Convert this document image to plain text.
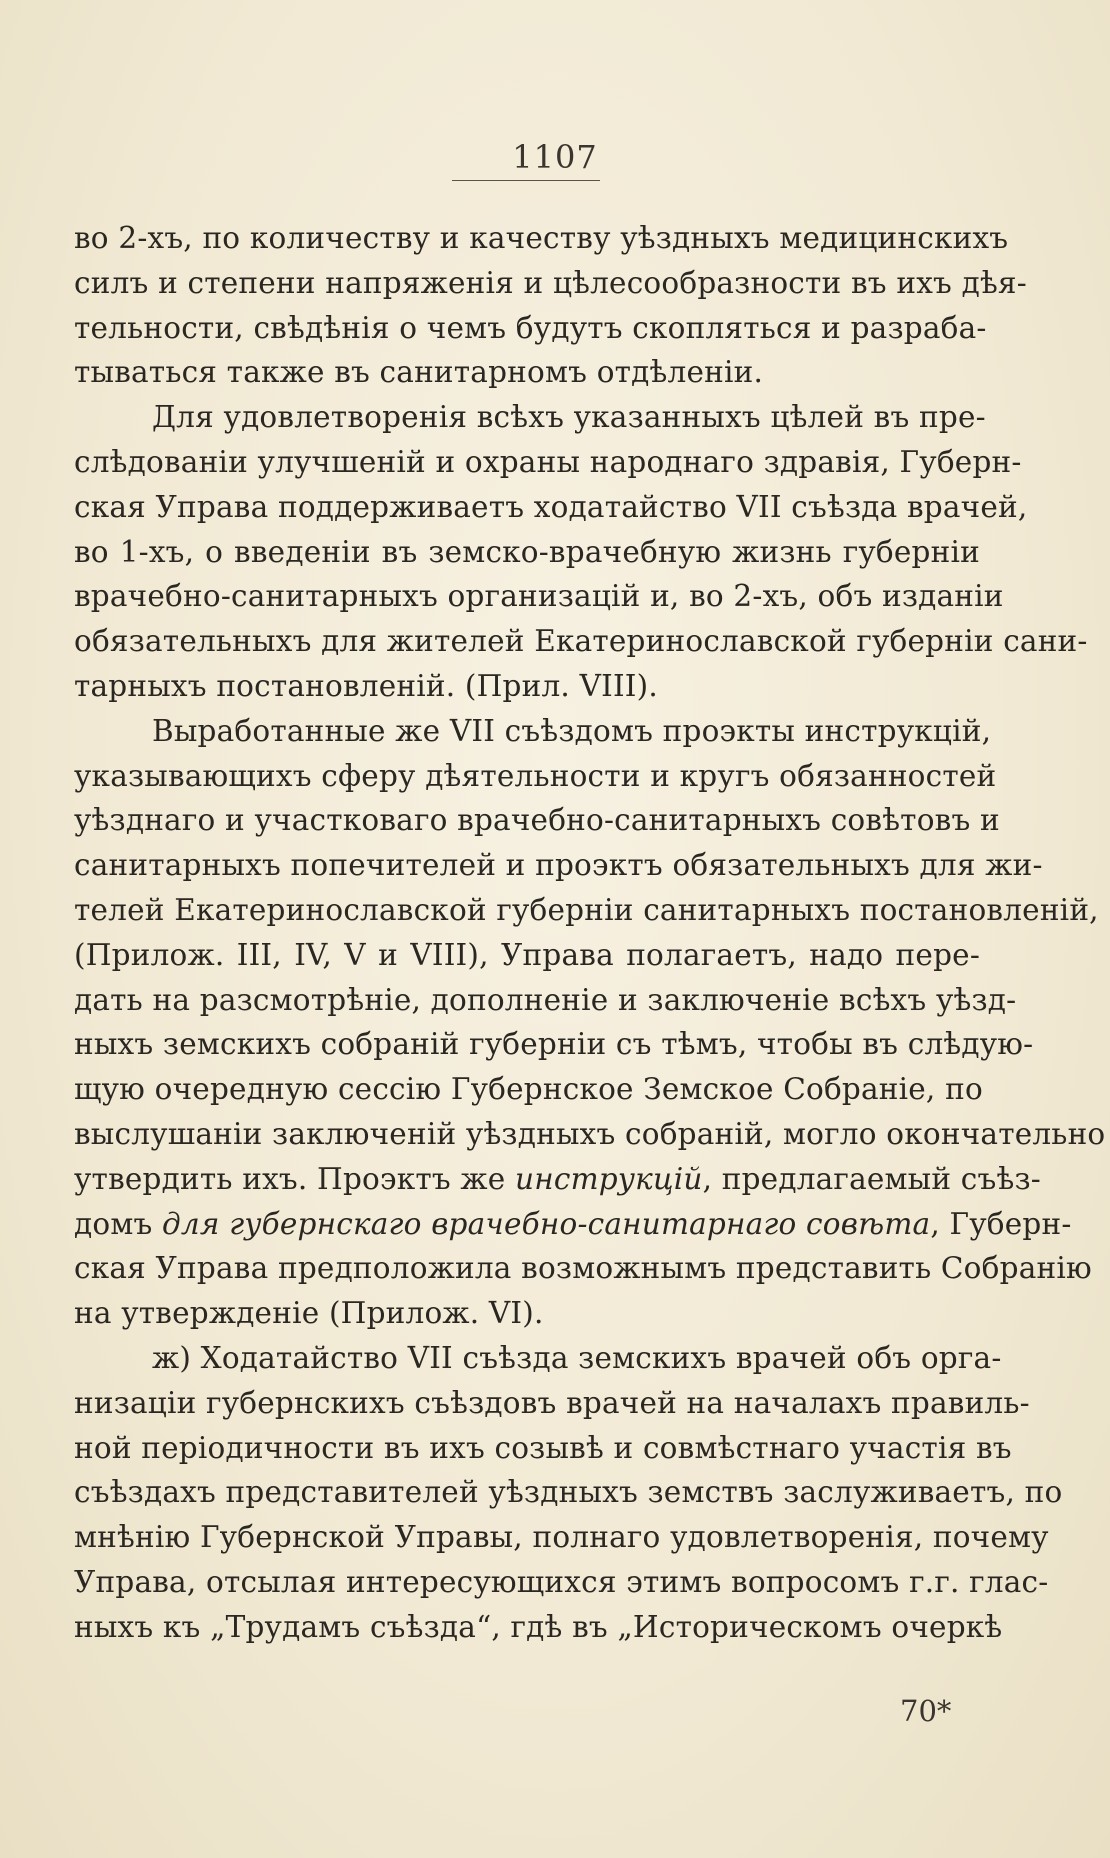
1107
во 2-хъ, по количеству и качеству уѣздныхъ медицинскихъ
силъ и степени напряженія и цѣлесообразности въ ихъ дѣя-
тельности, свѣдѣнія о чемъ будутъ скопляться и разраба-
тываться также въ санитарномъ отдѣленіи.
Для удовлетворенія всѣхъ указанныхъ цѣлей въ пре-
слѣдованіи улучшеній и охраны народнаго здравія, Губерн-
ская Управа поддерживаетъ ходатайство VII съѣзда врачей,
во 1-хъ, о введеніи въ земско-врачебную жизнь губерніи
врачебно-санитарныхъ организацій и, во 2-хъ, объ изданіи
обязательныхъ для жителей Екатеринославской губерніи сани-
тарныхъ постановленій. (Прил. VIII).
Выработанные же VII съѣздомъ проэкты инструкцій,
указывающихъ сферу дѣятельности и кругъ обязанностей
уѣзднаго и участковаго врачебно-санитарныхъ совѣтовъ и
санитарныхъ попечителей и проэктъ обязательныхъ для жи-
телей Екатеринославской губерніи санитарныхъ постановленій,
(Прилож. III, IV, V и VIII), Управа полагаетъ, надо пере-
дать на разсмотрѣніе, дополненіе и заключеніе всѣхъ уѣзд-
ныхъ земскихъ собраній губерніи съ тѣмъ, чтобы въ слѣдую-
щую очередную сессію Губернское Земское Собраніе, по
выслушаніи заключеній уѣздныхъ собраній, могло окончательно
утвердить ихъ. Проэктъ же инструкцій, предлагаемый съѣз-
домъ для губернскаго врачебно-санитарнаго совѣта, Губерн-
ская Управа предположила возможнымъ представить Собранію
на утвержденіе (Прилож. VI).
ж) Ходатайство VII съѣзда земскихъ врачей объ орга-
низаціи губернскихъ съѣздовъ врачей на началахъ правиль-
ной періодичности въ ихъ созывѣ и совмѣстнаго участія въ
съѣздахъ представителей уѣздныхъ земствъ заслуживаетъ, по
мнѣнію Губернской Управы, полнаго удовлетворенія, почему
Управа, отсылая интересующихся этимъ вопросомъ г.г. глас-
ныхъ къ „Трудамъ съѣзда“, гдѣ въ „Историческомъ очеркѣ
70*
